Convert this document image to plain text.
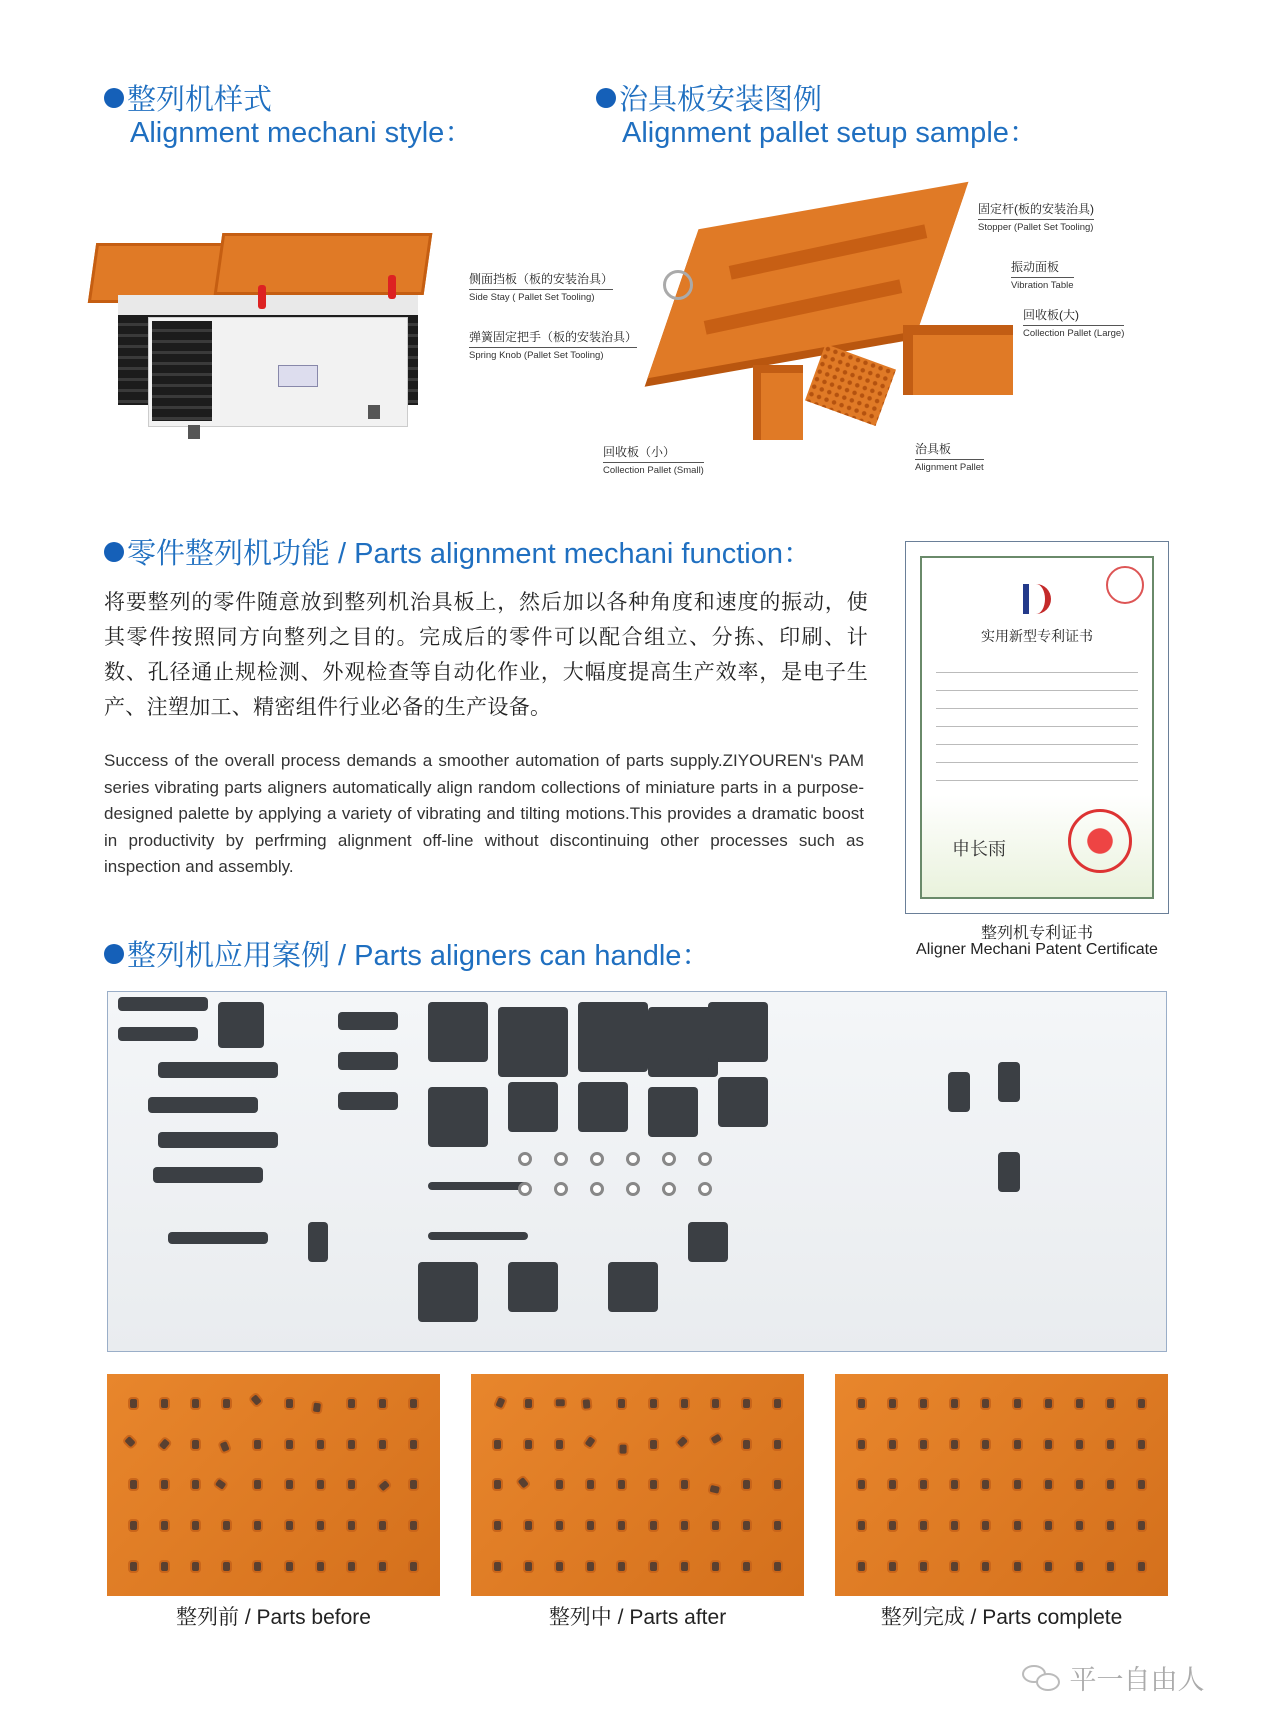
整列机样式
Alignment mechani style：
治具板安装图例
Alignment pallet setup sample：
固定杆(板的安装治具)
Stopper (Pallet Set Tooling)
振动面板
Vibration Table
回收板(大)
Collection Pallet (Large)
侧面挡板（板的安装治具）
Side Stay ( Pallet Set Tooling)
弹簧固定把手（板的安装治具）
Spring Knob (Pallet Set Tooling)
回收板（小）
Collection Pallet (Small)
治具板
Alignment Pallet
零件整列机功能 / Parts alignment mechani function：
将要整列的零件随意放到整列机治具板上，然后加以各种角度和速度的振动，使其零件按照同方向整列之目的。完成后的零件可以配合组立、分拣、印刷、计数、孔径通止规检测、外观检查等自动化作业，大幅度提高生产效率，是电子生产、注塑加工、精密组件行业必备的生产设备。
Success of the overall process demands a smoother automation of parts supply.ZIYOUREN's PAM series vibrating parts aligners automatically align random collections of miniature parts in a purpose-designed palette by applying a variety of vibrating and tilting motions.This provides a dramatic boost in productivity by perfrming alignment off-line without discontinuing other processes such as inspection and assembly.
实用新型专利证书
申长雨
整列机专利证书
Aligner Mechani Patent Certificate
整列机应用案例 / Parts aligners can handle：
整列前 / Parts before	整列中 / Parts after	整列完成 / Parts complete
平一自由人
